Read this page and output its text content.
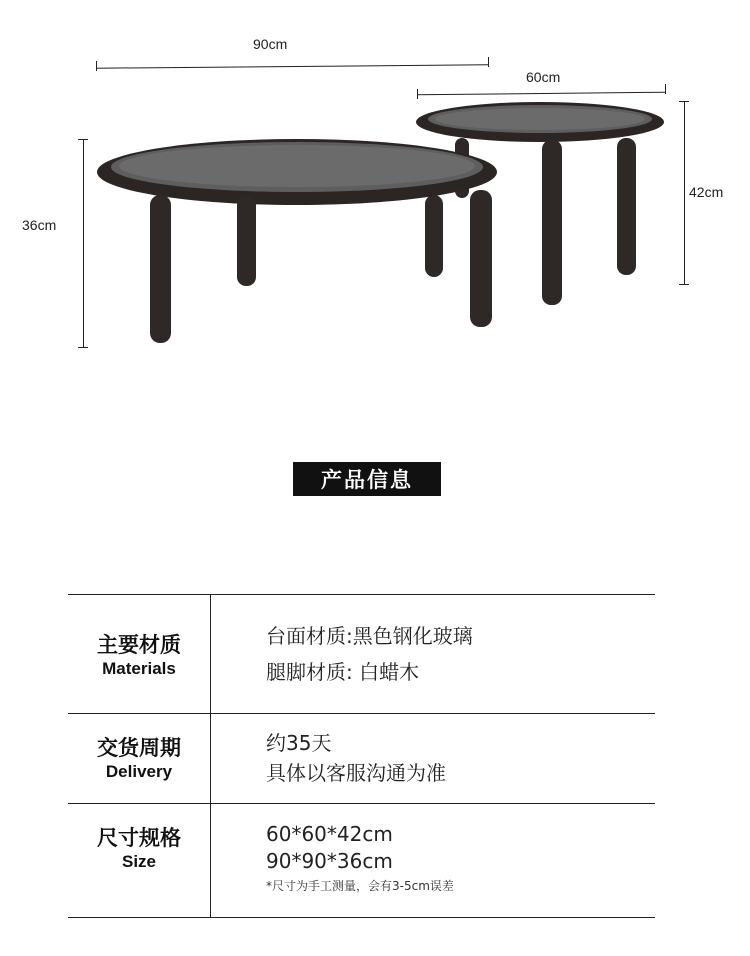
90cm
60cm
36cm
42cm
产品信息
主要材质
Materials
台面材质:黑色钢化玻璃
腿脚材质: 白蜡木
交货周期
Delivery
约35天
具体以客服沟通为准
尺寸规格
Size
60*60*42cm
90*90*36cm
*尺寸为手工测量，会有3-5cm误差
